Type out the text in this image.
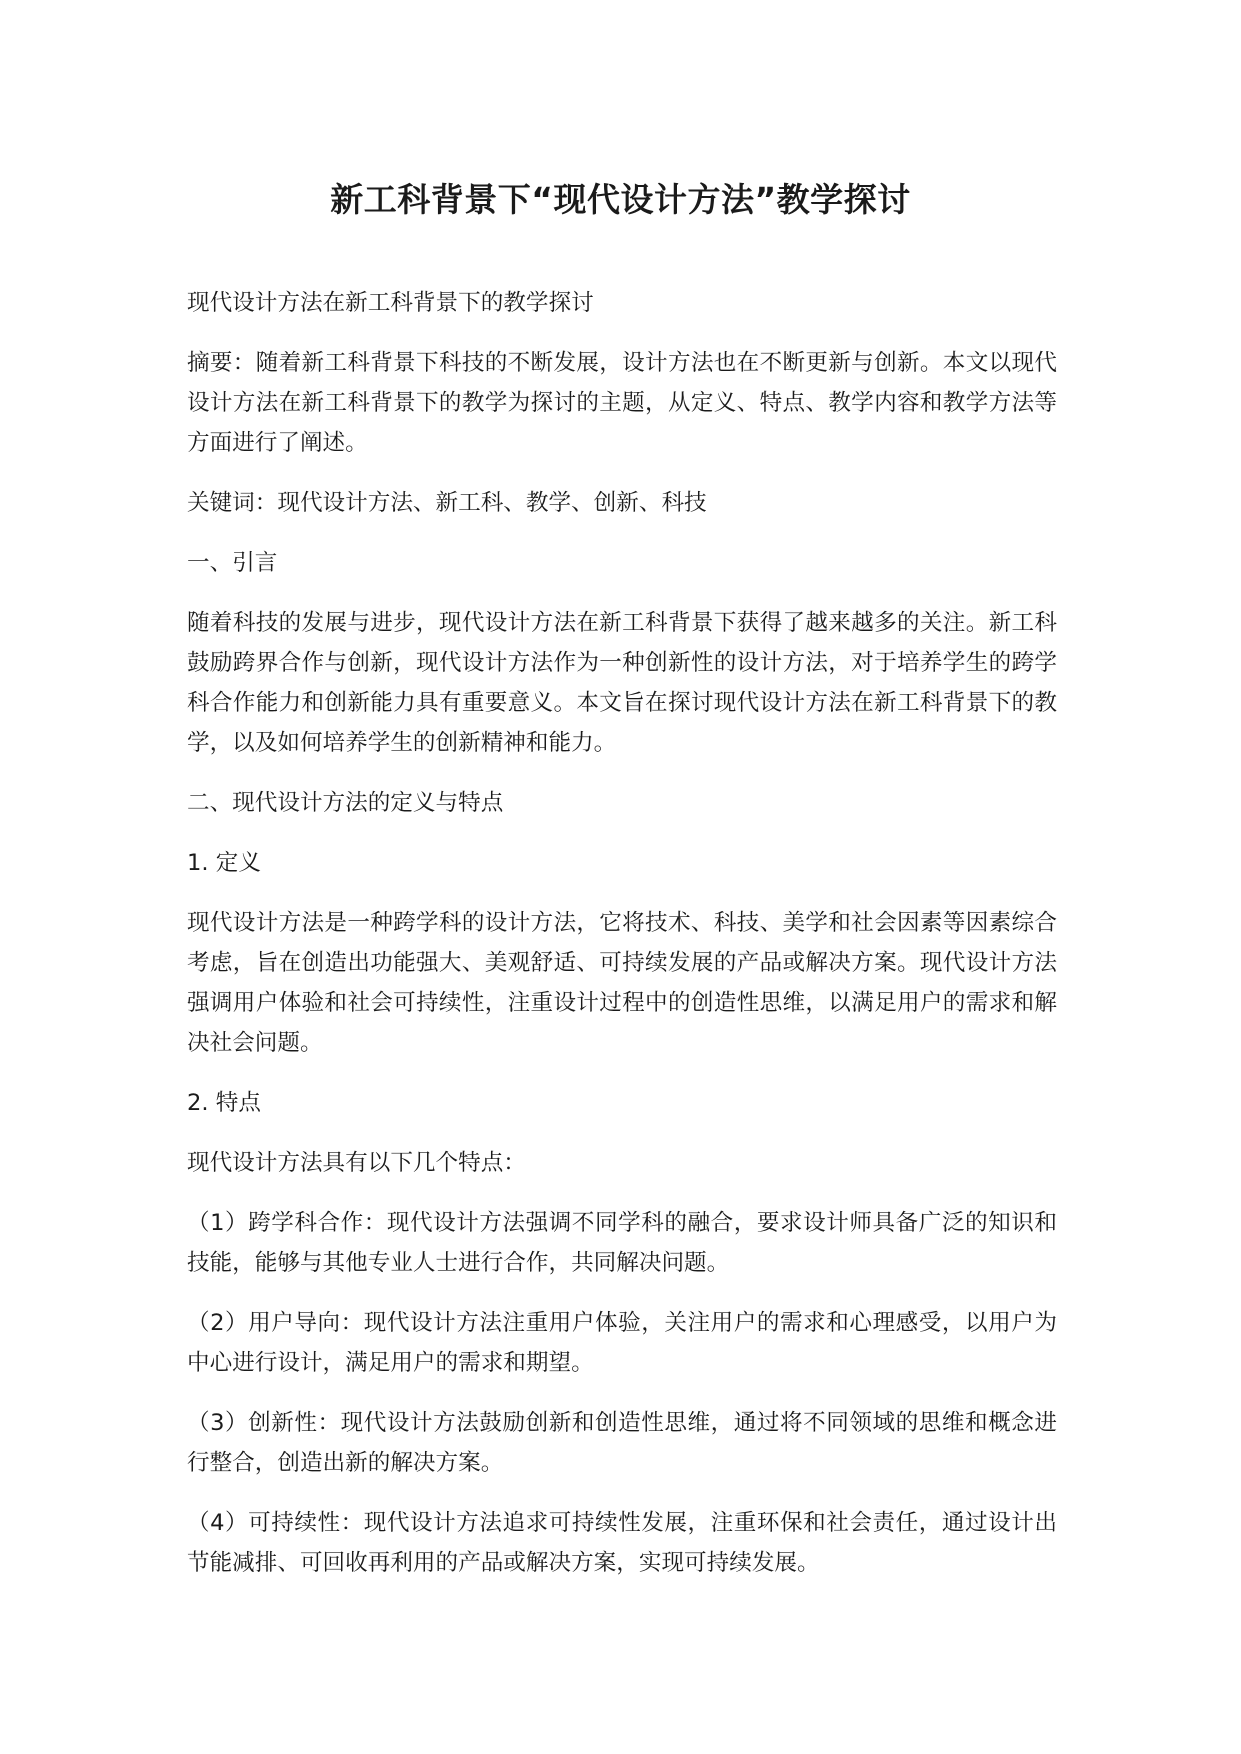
新工科背景下“现代设计方法”教学探讨

现代设计方法在新工科背景下的教学探讨

摘要：随着新工科背景下科技的不断发展，设计方法也在不断更新与创新。本文以现代设计方法在新工科背景下的教学为探讨的主题，从定义、特点、教学内容和教学方法等方面进行了阐述。

关键词：现代设计方法、新工科、教学、创新、科技

一、引言

随着科技的发展与进步，现代设计方法在新工科背景下获得了越来越多的关注。新工科鼓励跨界合作与创新，现代设计方法作为一种创新性的设计方法，对于培养学生的跨学科合作能力和创新能力具有重要意义。本文旨在探讨现代设计方法在新工科背景下的教学，以及如何培养学生的创新精神和能力。

二、现代设计方法的定义与特点

1. 定义

现代设计方法是一种跨学科的设计方法，它将技术、科技、美学和社会因素等因素综合考虑，旨在创造出功能强大、美观舒适、可持续发展的产品或解决方案。现代设计方法强调用户体验和社会可持续性，注重设计过程中的创造性思维，以满足用户的需求和解决社会问题。

2. 特点

现代设计方法具有以下几个特点：

（1）跨学科合作：现代设计方法强调不同学科的融合，要求设计师具备广泛的知识和技能，能够与其他专业人士进行合作，共同解决问题。

（2）用户导向：现代设计方法注重用户体验，关注用户的需求和心理感受，以用户为中心进行设计，满足用户的需求和期望。

（3）创新性：现代设计方法鼓励创新和创造性思维，通过将不同领域的思维和概念进行整合，创造出新的解决方案。

（4）可持续性：现代设计方法追求可持续性发展，注重环保和社会责任，通过设计出节能减排、可回收再利用的产品或解决方案，实现可持续发展。
